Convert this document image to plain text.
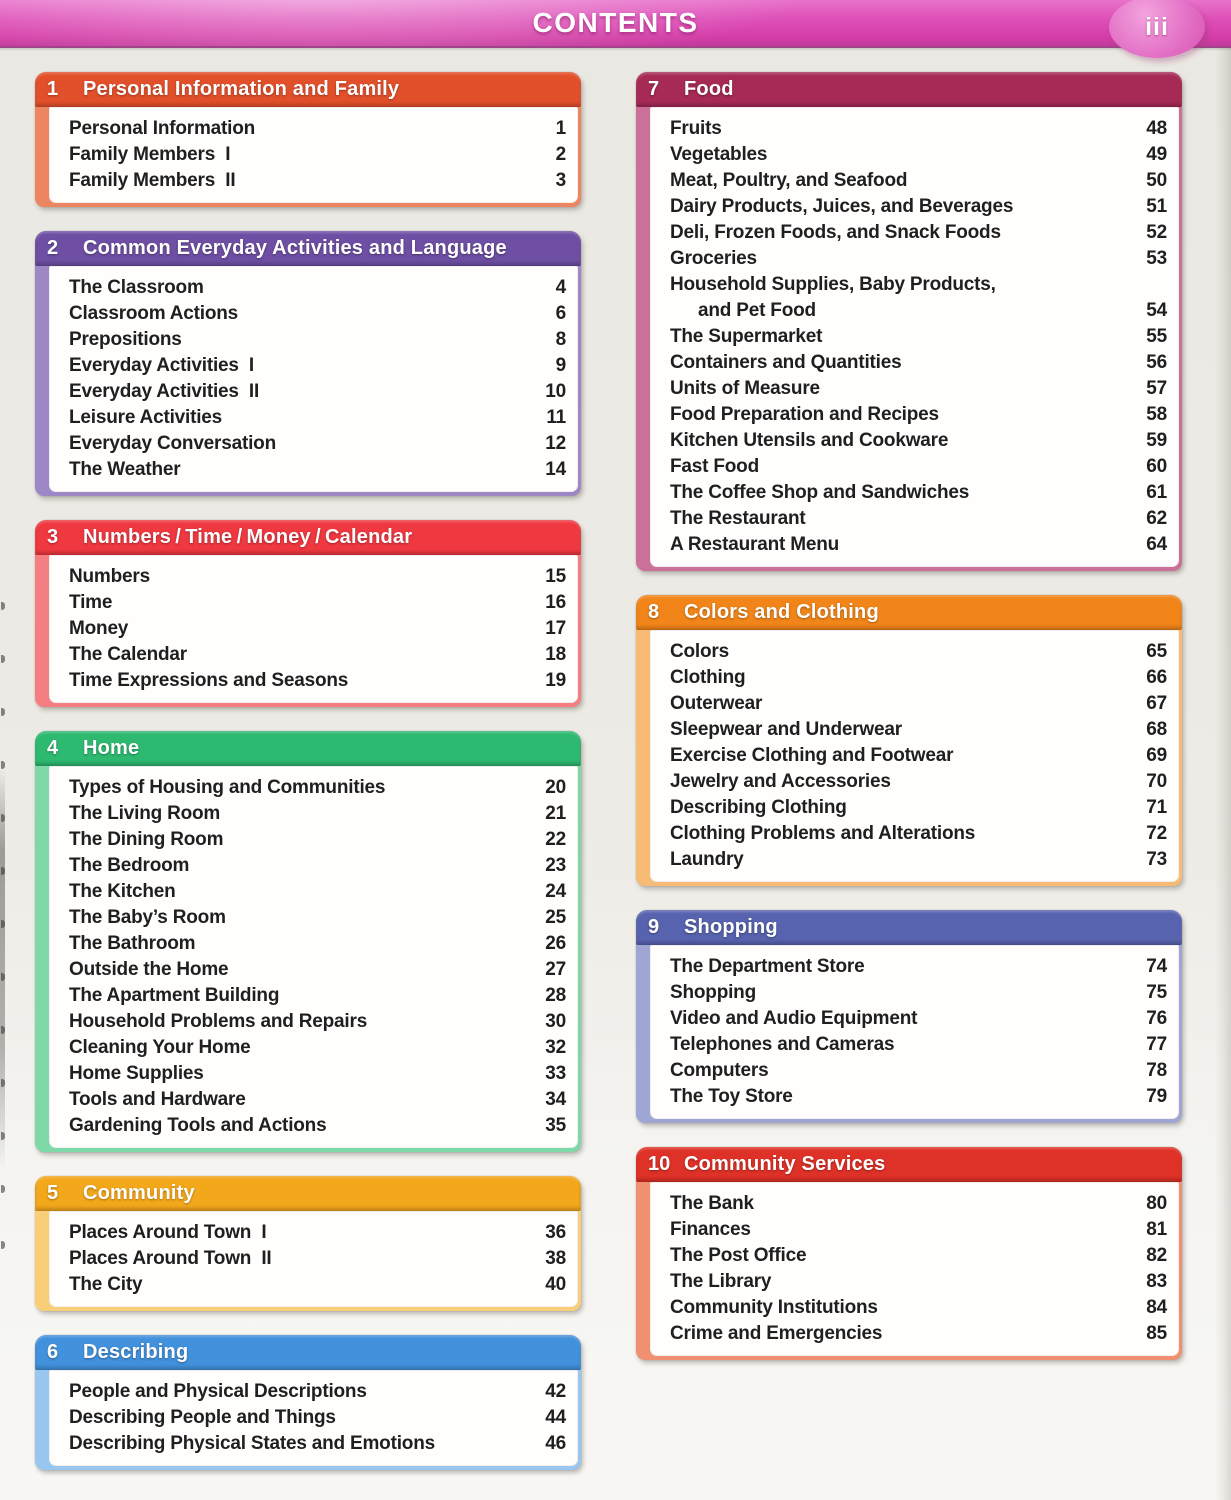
CONTENTS	iii
1	Personal Information and Family
Personal Information	1
Family Members  I	2
Family Members  II	3
2	Common Everyday Activities and Language
The Classroom	4
Classroom Actions	6
Prepositions	8
Everyday Activities  I	9
Everyday Activities  II	10
Leisure Activities	11
Everyday Conversation	12
The Weather	14
3	Numbers / Time / Money / Calendar
Numbers	15
Time	16
Money	17
The Calendar	18
Time Expressions and Seasons	19
4	Home
Types of Housing and Communities	20
The Living Room	21
The Dining Room	22
The Bedroom	23
The Kitchen	24
The Baby’s Room	25
The Bathroom	26
Outside the Home	27
The Apartment Building	28
Household Problems and Repairs	30
Cleaning Your Home	32
Home Supplies	33
Tools and Hardware	34
Gardening Tools and Actions	35
5	Community
Places Around Town  I	36
Places Around Town  II	38
The City	40
6	Describing
People and Physical Descriptions	42
Describing People and Things	44
Describing Physical States and Emotions	46
7	Food
Fruits	48
Vegetables	49
Meat, Poultry, and Seafood	50
Dairy Products, Juices, and Beverages	51
Deli, Frozen Foods, and Snack Foods	52
Groceries	53
Household Supplies, Baby Products,
and Pet Food	54
The Supermarket	55
Containers and Quantities	56
Units of Measure	57
Food Preparation and Recipes	58
Kitchen Utensils and Cookware	59
Fast Food	60
The Coffee Shop and Sandwiches	61
The Restaurant	62
A Restaurant Menu	64
8	Colors and Clothing
Colors	65
Clothing	66
Outerwear	67
Sleepwear and Underwear	68
Exercise Clothing and Footwear	69
Jewelry and Accessories	70
Describing Clothing	71
Clothing Problems and Alterations	72
Laundry	73
9	Shopping
The Department Store	74
Shopping	75
Video and Audio Equipment	76
Telephones and Cameras	77
Computers	78
The Toy Store	79
10 Community Services
The Bank	80
Finances	81
The Post Office	82
The Library	83
Community Institutions	84
Crime and Emergencies	85
